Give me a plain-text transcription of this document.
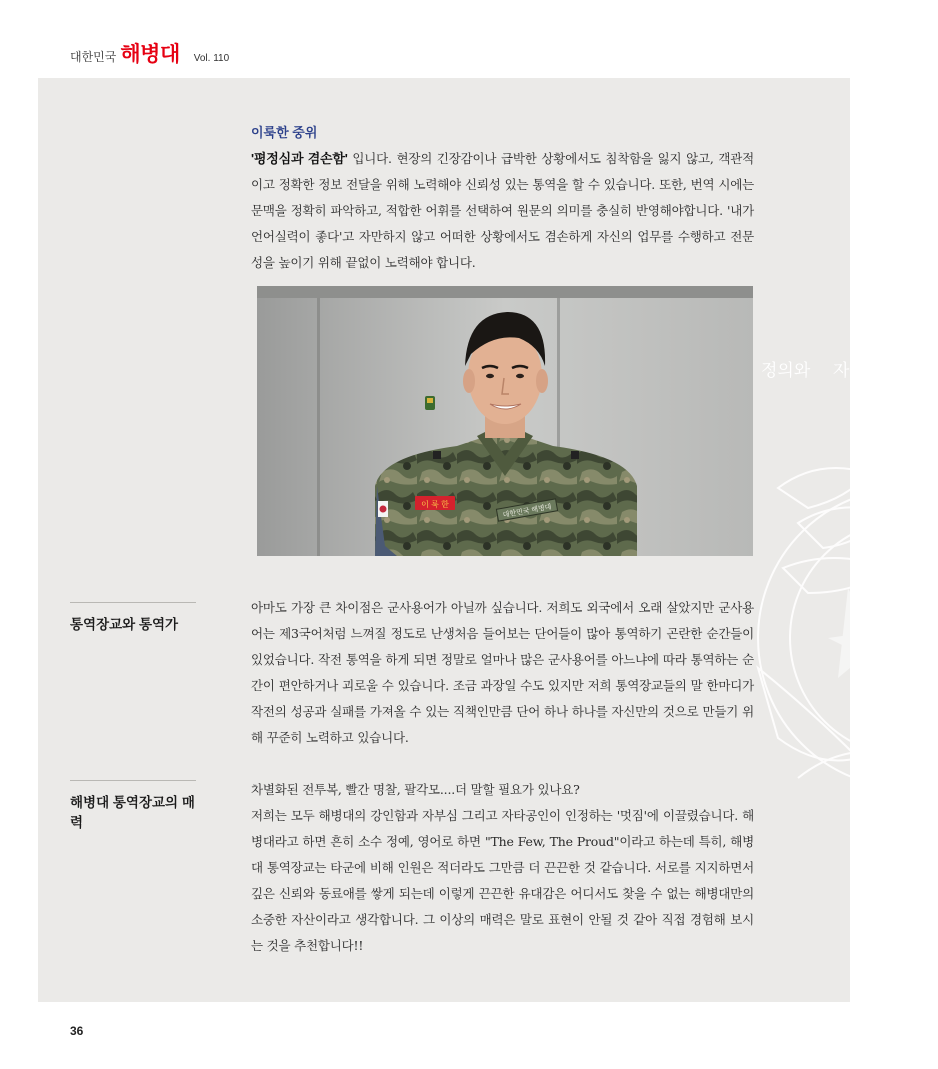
대한민국 해병대 Vol. 110
정의와 자유
이룩한 중위

'평정심과 겸손함' 입니다. 현장의 긴장감이나 급박한 상황에서도 침착함을 잃지 않고, 객관적이고 정확한 정보 전달을 위해 노력해야 신뢰성 있는 통역을 할 수 있습니다. 또한, 번역 시에는 문맥을 정확히 파악하고, 적합한 어휘를 선택하여 원문의 의미를 충실히 반영해야합니다. '내가 언어실력이 좋다'고 자만하지 않고 어떠한 상황에서도 겸손하게 자신의 업무를 수행하고 전문성을 높이기 위해 끝없이 노력해야 합니다.

이 룩 한	대한민국 해병대
통역장교와 통역가

아마도 가장 큰 차이점은 군사용어가 아닐까 싶습니다. 저희도 외국에서 오래 살았지만 군사용어는 제3국어처럼 느껴질 정도로 난생처음 들어보는 단어들이 많아 통역하기 곤란한 순간들이 있었습니다. 작전 통역을 하게 되면 정말로 얼마나 많은 군사용어를 아느냐에 따라 통역하는 순간이 편안하거나 괴로울 수 있습니다. 조금 과장일 수도 있지만 저희 통역장교들의 말 한마디가 작전의 성공과 실패를 가져올 수 있는 직책인만큼 단어 하나 하나를 자신만의 것으로 만들기 위해 꾸준히 노력하고 있습니다.

해병대 통역장교의 매력

차별화된 전투복, 빨간 명찰, 팔각모....더 말할 필요가 있나요?

저희는 모두 해병대의 강인함과 자부심 그리고 자타공인이 인정하는 '멋짐'에 이끌렸습니다. 해병대라고 하면 흔히 소수 정예, 영어로 하면 "The Few, The Proud"이라고 하는데 특히, 해병대 통역장교는 타군에 비해 인원은 적더라도 그만큼 더 끈끈한 것 같습니다. 서로를 지지하면서 깊은 신뢰와 동료애를 쌓게 되는데 이렇게 끈끈한 유대감은 어디서도 찾을 수 없는 해병대만의 소중한 자산이라고 생각합니다. 그 이상의 매력은 말로 표현이 안될 것 같아 직접 경험해 보시는 것을 추천합니다!!

36
